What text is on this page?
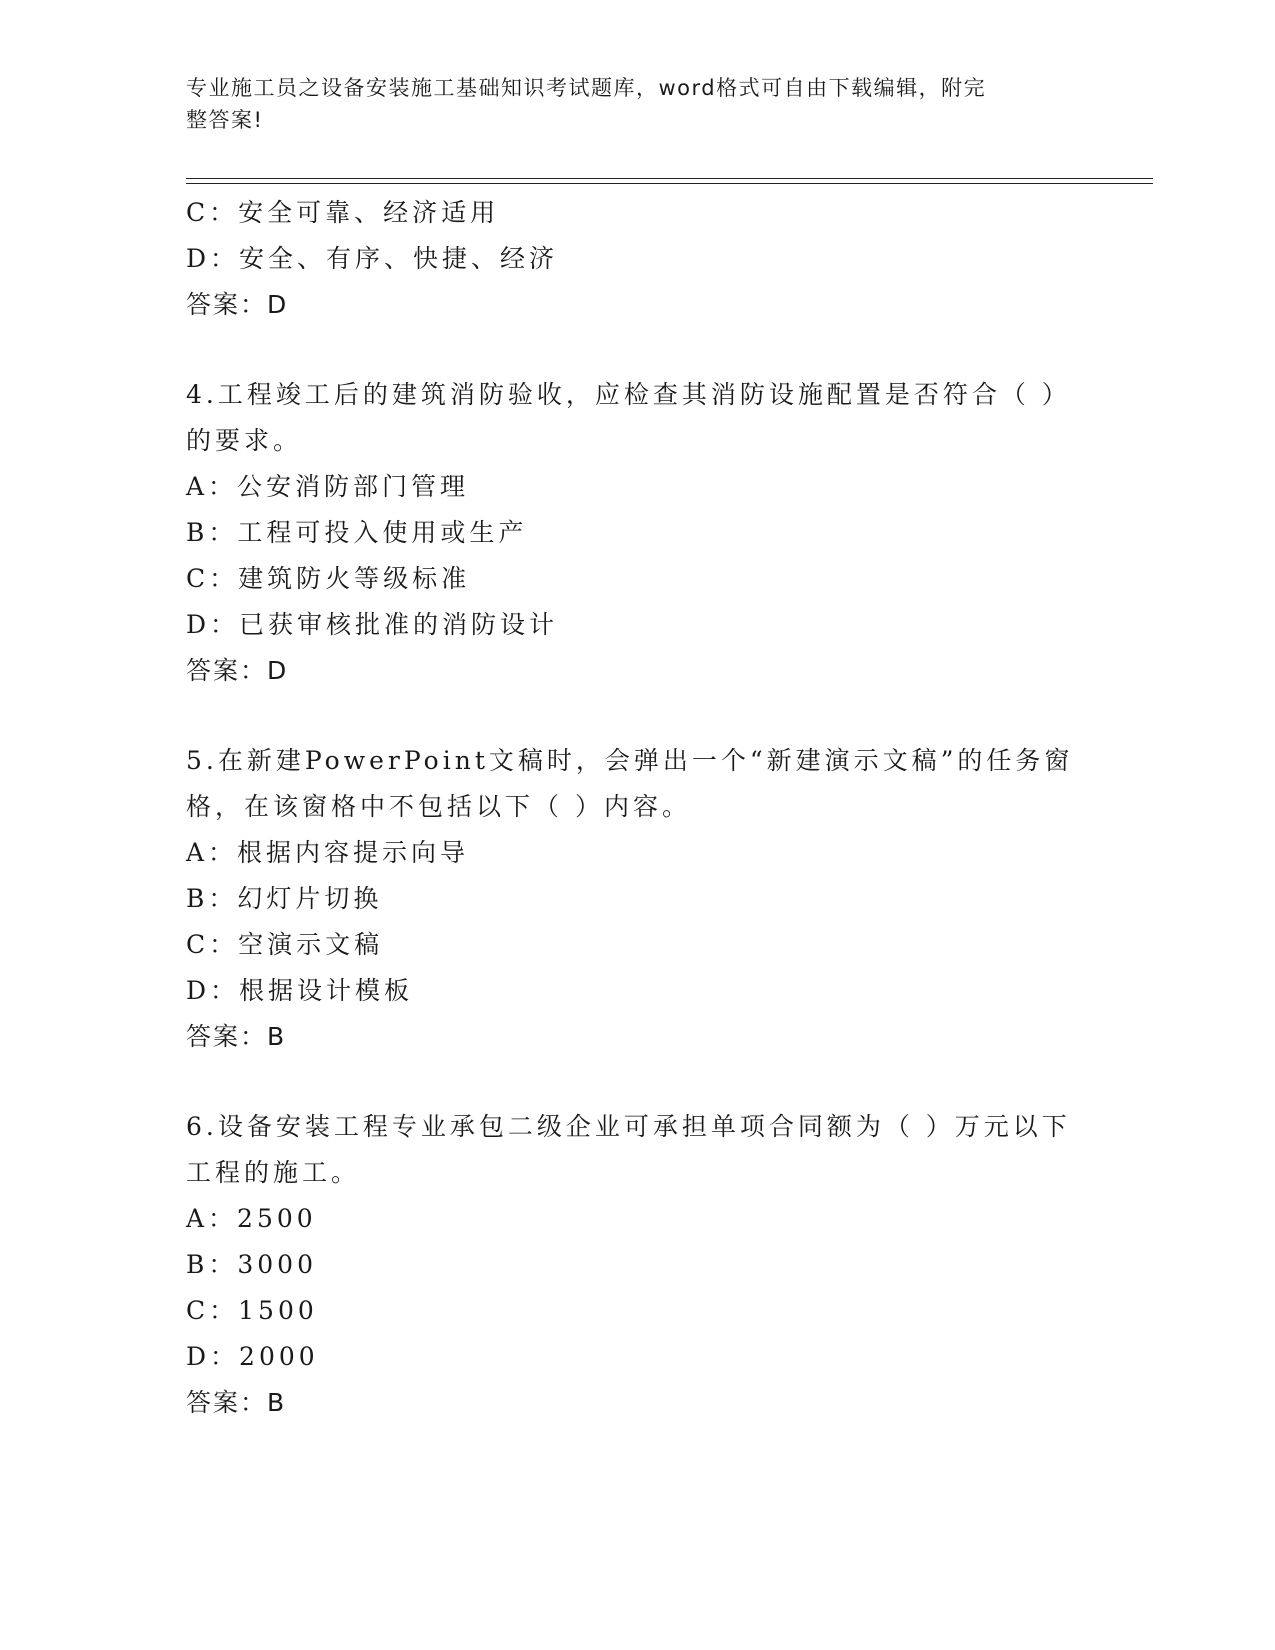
专业施工员之设备安装施工基础知识考试题库，word格式可自由下载编辑，附完
整答案!
C：安全可靠、经济适用
D：安全、有序、快捷、经济
答案：D
4.工程竣工后的建筑消防验收，应检查其消防设施配置是否符合（ ）
的要求。
A：公安消防部门管理
B：工程可投入使用或生产
C：建筑防火等级标准
D：已获审核批准的消防设计
答案：D
5.在新建PowerPoint文稿时，会弹出一个“新建演示文稿”的任务窗
格，在该窗格中不包括以下（ ）内容。
A：根据内容提示向导
B：幻灯片切换
C：空演示文稿
D：根据设计模板
答案：B
6.设备安装工程专业承包二级企业可承担单项合同额为（ ）万元以下
工程的施工。
A：2500
B：3000
C：1500
D：2000
答案：B
